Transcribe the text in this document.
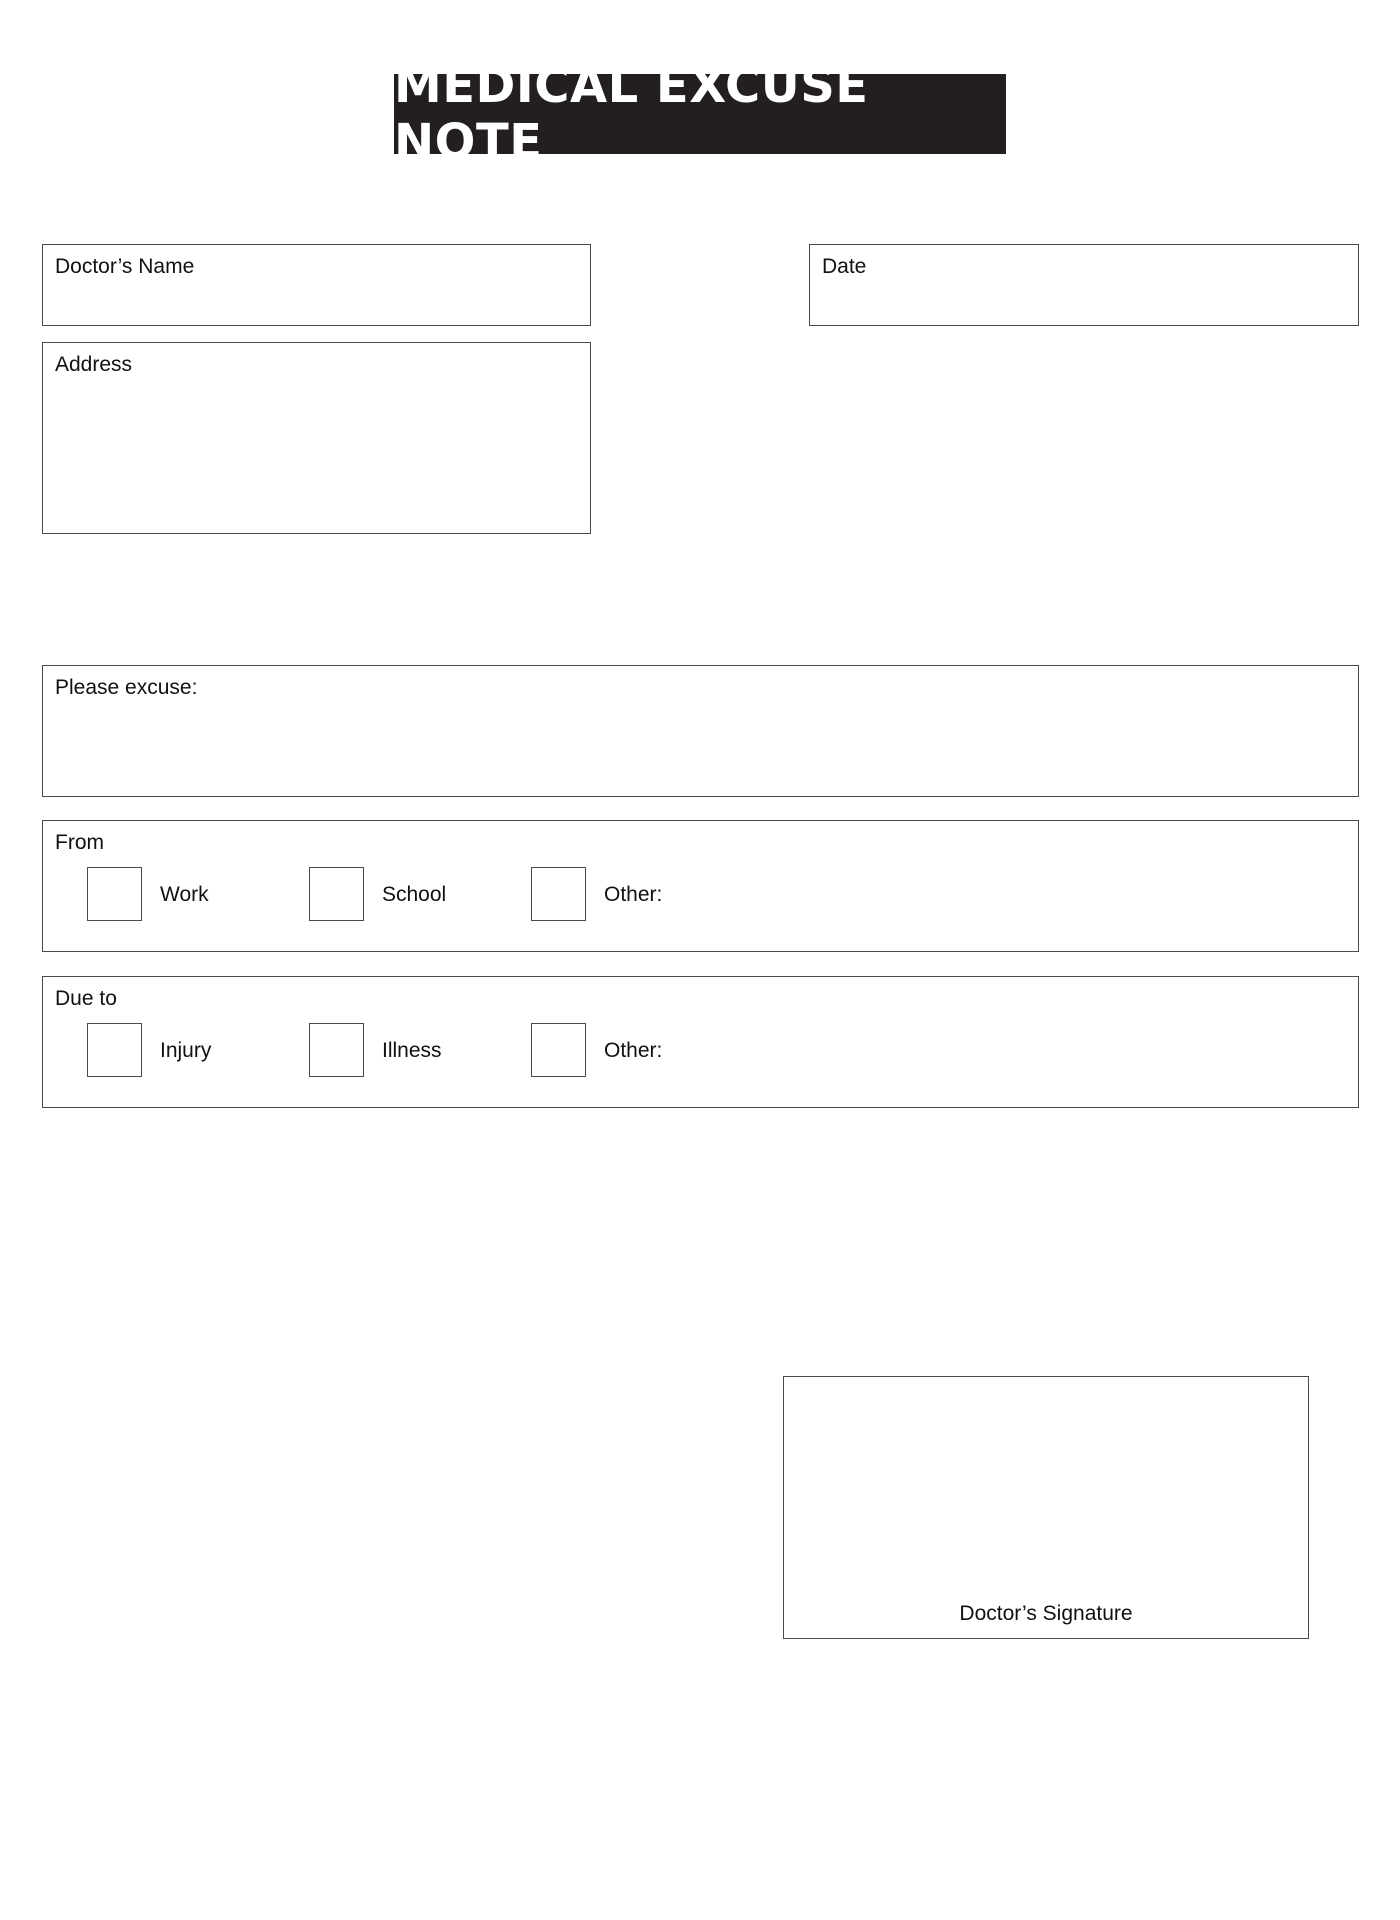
MEDICAL EXCUSE NOTE
Doctor’s Name	Date
Address
Please excuse:
From
Work	School	Other:
Due to
Injury	Illness	Other:
Doctor’s Signature
